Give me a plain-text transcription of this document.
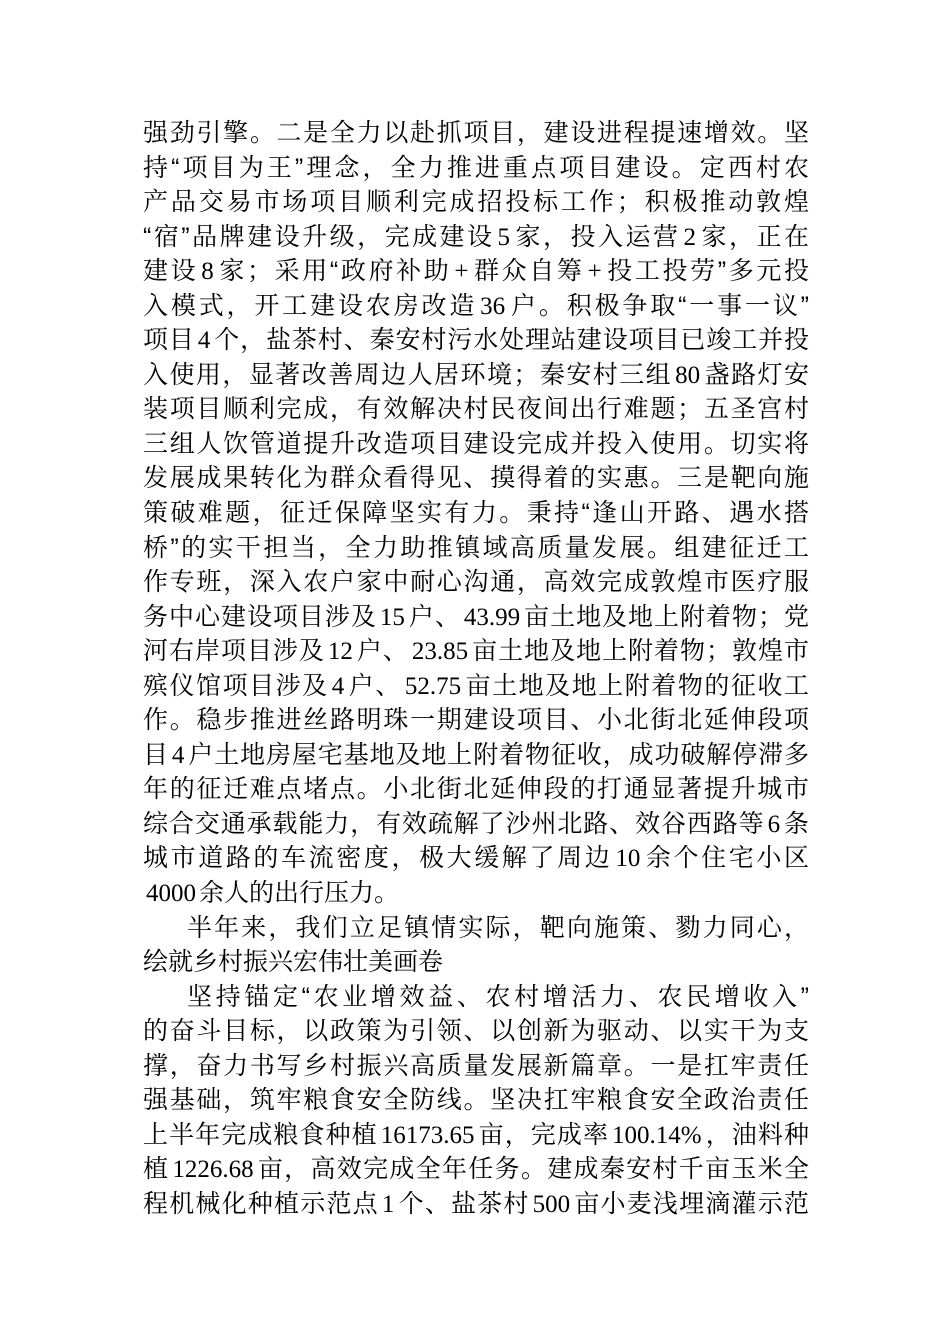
强劲引擎。二是全力以赴抓项目，建设进程提速增效。坚
持“项目为王”理念，全力推进重点项目建设。定西村农
产品交易市场项目顺利完成招投标工作；积极推动敦煌
“宿”品牌建设升级，完成建设 5 家，投入运营 2 家，正在
建设 8 家；采用“政府补助 + 群众自筹 + 投工投劳”多元投
入模式，开工建设农房改造 36 户。积极争取“一事一议”
项目 4 个，盐茶村、秦安村污水处理站建设项目已竣工并投
入使用，显著改善周边人居环境；秦安村三组 80 盏路灯安
装项目顺利完成，有效解决村民夜间出行难题；五圣宫村
三组人饮管道提升改造项目建设完成并投入使用。切实将
发展成果转化为群众看得见、摸得着的实惠。三是靶向施
策破难题，征迁保障坚实有力。秉持“逢山开路、遇水搭
桥”的实干担当，全力助推镇域高质量发展。组建征迁工
作专班，深入农户家中耐心沟通，高效完成敦煌市医疗服
务中心建设项目涉及 15 户、 43.99 亩土地及地上附着物；党
河右岸项目涉及 12 户、 23.85 亩土地及地上附着物；敦煌市
殡仪馆项目涉及 4 户、 52.75 亩土地及地上附着物的征收工
作。稳步推进丝路明珠一期建设项目、小北街北延伸段项
目 4 户土地房屋宅基地及地上附着物征收，成功破解停滞多
年的征迁难点堵点。小北街北延伸段的打通显著提升城市
综合交通承载能力，有效疏解了沙州北路、效谷西路等 6 条
城市道路的车流密度，极大缓解了周边 10 余个住宅小区
4000 余人的出行压力。
半年来，我们立足镇情实际，靶向施策、勠力同心，
绘就乡村振兴宏伟壮美画卷
坚持锚定“农业增效益、农村增活力、农民增收入”
的奋斗目标，以政策为引领、以创新为驱动、以实干为支
撑，奋力书写乡村振兴高质量发展新篇章。一是扛牢责任
强基础，筑牢粮食安全防线。坚决扛牢粮食安全政治责任
上半年完成粮食种植 16173.65 亩，完成率 100.14% ，油料种
植 1226.68 亩，高效完成全年任务。建成秦安村千亩玉米全
程机械化种植示范点 1 个、盐茶村 500 亩小麦浅埋滴灌示范
